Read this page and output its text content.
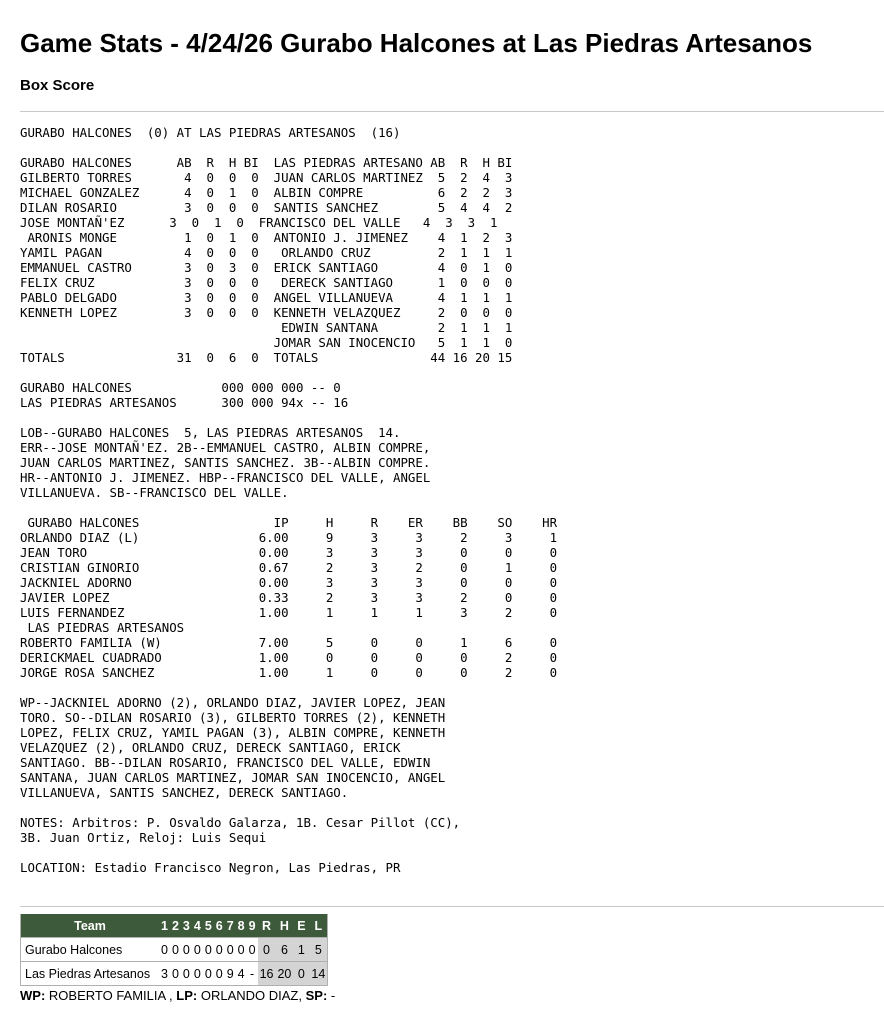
Game Stats - 4/24/26 Gurabo Halcones at Las Piedras Artesanos
Box Score
GURABO HALCONES  (0) AT LAS PIEDRAS ARTESANOS  (16)

GURABO HALCONES      AB  R  H BI  LAS PIEDRAS ARTESANO AB  R  H BI
GILBERTO TORRES       4  0  0  0  JUAN CARLOS MARTINEZ  5  2  4  3
MICHAEL GONZALEZ      4  0  1  0  ALBIN COMPRE          6  2  2  3
DILAN ROSARIO         3  0  0  0  SANTIS SANCHEZ        5  4  4  2
JOSE MONTAÑ'EZ      3  0  1  0  FRANCISCO DEL VALLE   4  3  3  1
ARONIS MONGE         1  0  1  0  ANTONIO J. JIMENEZ    4  1  2  3
YAMIL PAGAN           4  0  0  0   ORLANDO CRUZ         2  1  1  1
EMMANUEL CASTRO       3  0  3  0  ERICK SANTIAGO        4  0  1  0
FELIX CRUZ            3  0  0  0   DERECK SANTIAGO      1  0  0  0
PABLO DELGADO         3  0  0  0  ANGEL VILLANUEVA      4  1  1  1
KENNETH LOPEZ         3  0  0  0  KENNETH VELAZQUEZ     2  0  0  0
EDWIN SANTANA        2  1  1  1
JOMAR SAN INOCENCIO   5  1  1  0
TOTALS               31  0  6  0  TOTALS               44 16 20 15

GURABO HALCONES            000 000 000 -- 0
LAS PIEDRAS ARTESANOS      300 000 94x -- 16

LOB--GURABO HALCONES  5, LAS PIEDRAS ARTESANOS  14.
ERR--JOSE MONTAÑ'EZ. 2B--EMMANUEL CASTRO, ALBIN COMPRE,
JUAN CARLOS MARTINEZ, SANTIS SANCHEZ. 3B--ALBIN COMPRE.
HR--ANTONIO J. JIMENEZ. HBP--FRANCISCO DEL VALLE, ANGEL
VILLANUEVA. SB--FRANCISCO DEL VALLE.

GURABO HALCONES                  IP     H     R    ER    BB    SO    HR
ORLANDO DIAZ (L)                6.00     9     3     3     2     3     1
JEAN TORO                       0.00     3     3     3     0     0     0
CRISTIAN GINORIO                0.67     2     3     2     0     1     0
JACKNIEL ADORNO                 0.00     3     3     3     0     0     0
JAVIER LOPEZ                    0.33     2     3     3     2     0     0
LUIS FERNANDEZ                  1.00     1     1     1     3     2     0
LAS PIEDRAS ARTESANOS
ROBERTO FAMILIA (W)             7.00     5     0     0     1     6     0
DERICKMAEL CUADRADO             1.00     0     0     0     0     2     0
JORGE ROSA SANCHEZ              1.00     1     0     0     0     2     0

WP--JACKNIEL ADORNO (2), ORLANDO DIAZ, JAVIER LOPEZ, JEAN
TORO. SO--DILAN ROSARIO (3), GILBERTO TORRES (2), KENNETH
LOPEZ, FELIX CRUZ, YAMIL PAGAN (3), ALBIN COMPRE, KENNETH
VELAZQUEZ (2), ORLANDO CRUZ, DERECK SANTIAGO, ERICK
SANTIAGO. BB--DILAN ROSARIO, FRANCISCO DEL VALLE, EDWIN
SANTANA, JUAN CARLOS MARTINEZ, JOMAR SAN INOCENCIO, ANGEL
VILLANUEVA, SANTIS SANCHEZ, DERECK SANTIAGO.

NOTES: Arbitros: P. Osvaldo Galarza, 1B. Cesar Pillot (CC),
3B. Juan Ortiz, Reloj: Luis Sequi

LOCATION: Estadio Francisco Negron, Las Piedras, PR
Team	1	2	3	4	5	6	7	8	9	R	H	E	L
Gurabo Halcones	0	0	0	0	0	0	0	0	0	0	6	1	5
Las Piedras Artesanos	3	0	0	0	0	0	9	4	-	16	20	0	14
WP: ROBERTO FAMILIA , LP: ORLANDO DIAZ, SP: -
